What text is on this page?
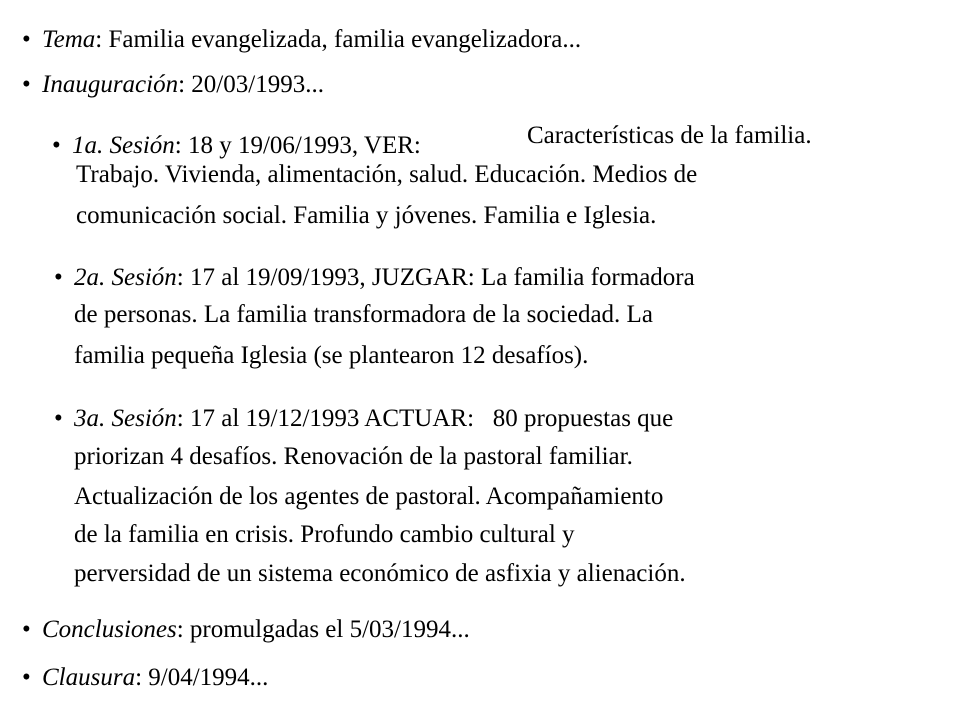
• Tema: Familia evangelizada, familia evangelizadora...
• Inauguración: 20/03/1993...
• 1a. Sesión: 18 y 19/06/1993, VER:	Características de la familia.
Trabajo. Vivienda, alimentación, salud. Educación. Medios de
comunicación social. Familia y jóvenes. Familia e Iglesia.
• 2a. Sesión: 17 al 19/09/1993, JUZGAR: La familia formadora
de personas. La familia transformadora de la sociedad. La
familia pequeña Iglesia (se plantearon 12 desafíos).
• 3a. Sesión: 17 al 19/12/1993 ACTUAR:   80 propuestas que
priorizan 4 desafíos. Renovación de la pastoral familiar.
Actualización de los agentes de pastoral. Acompañamiento
de la familia en crisis. Profundo cambio cultural y
perversidad de un sistema económico de asfixia y alienación.
• Conclusiones: promulgadas el 5/03/1994...
• Clausura: 9/04/1994...
